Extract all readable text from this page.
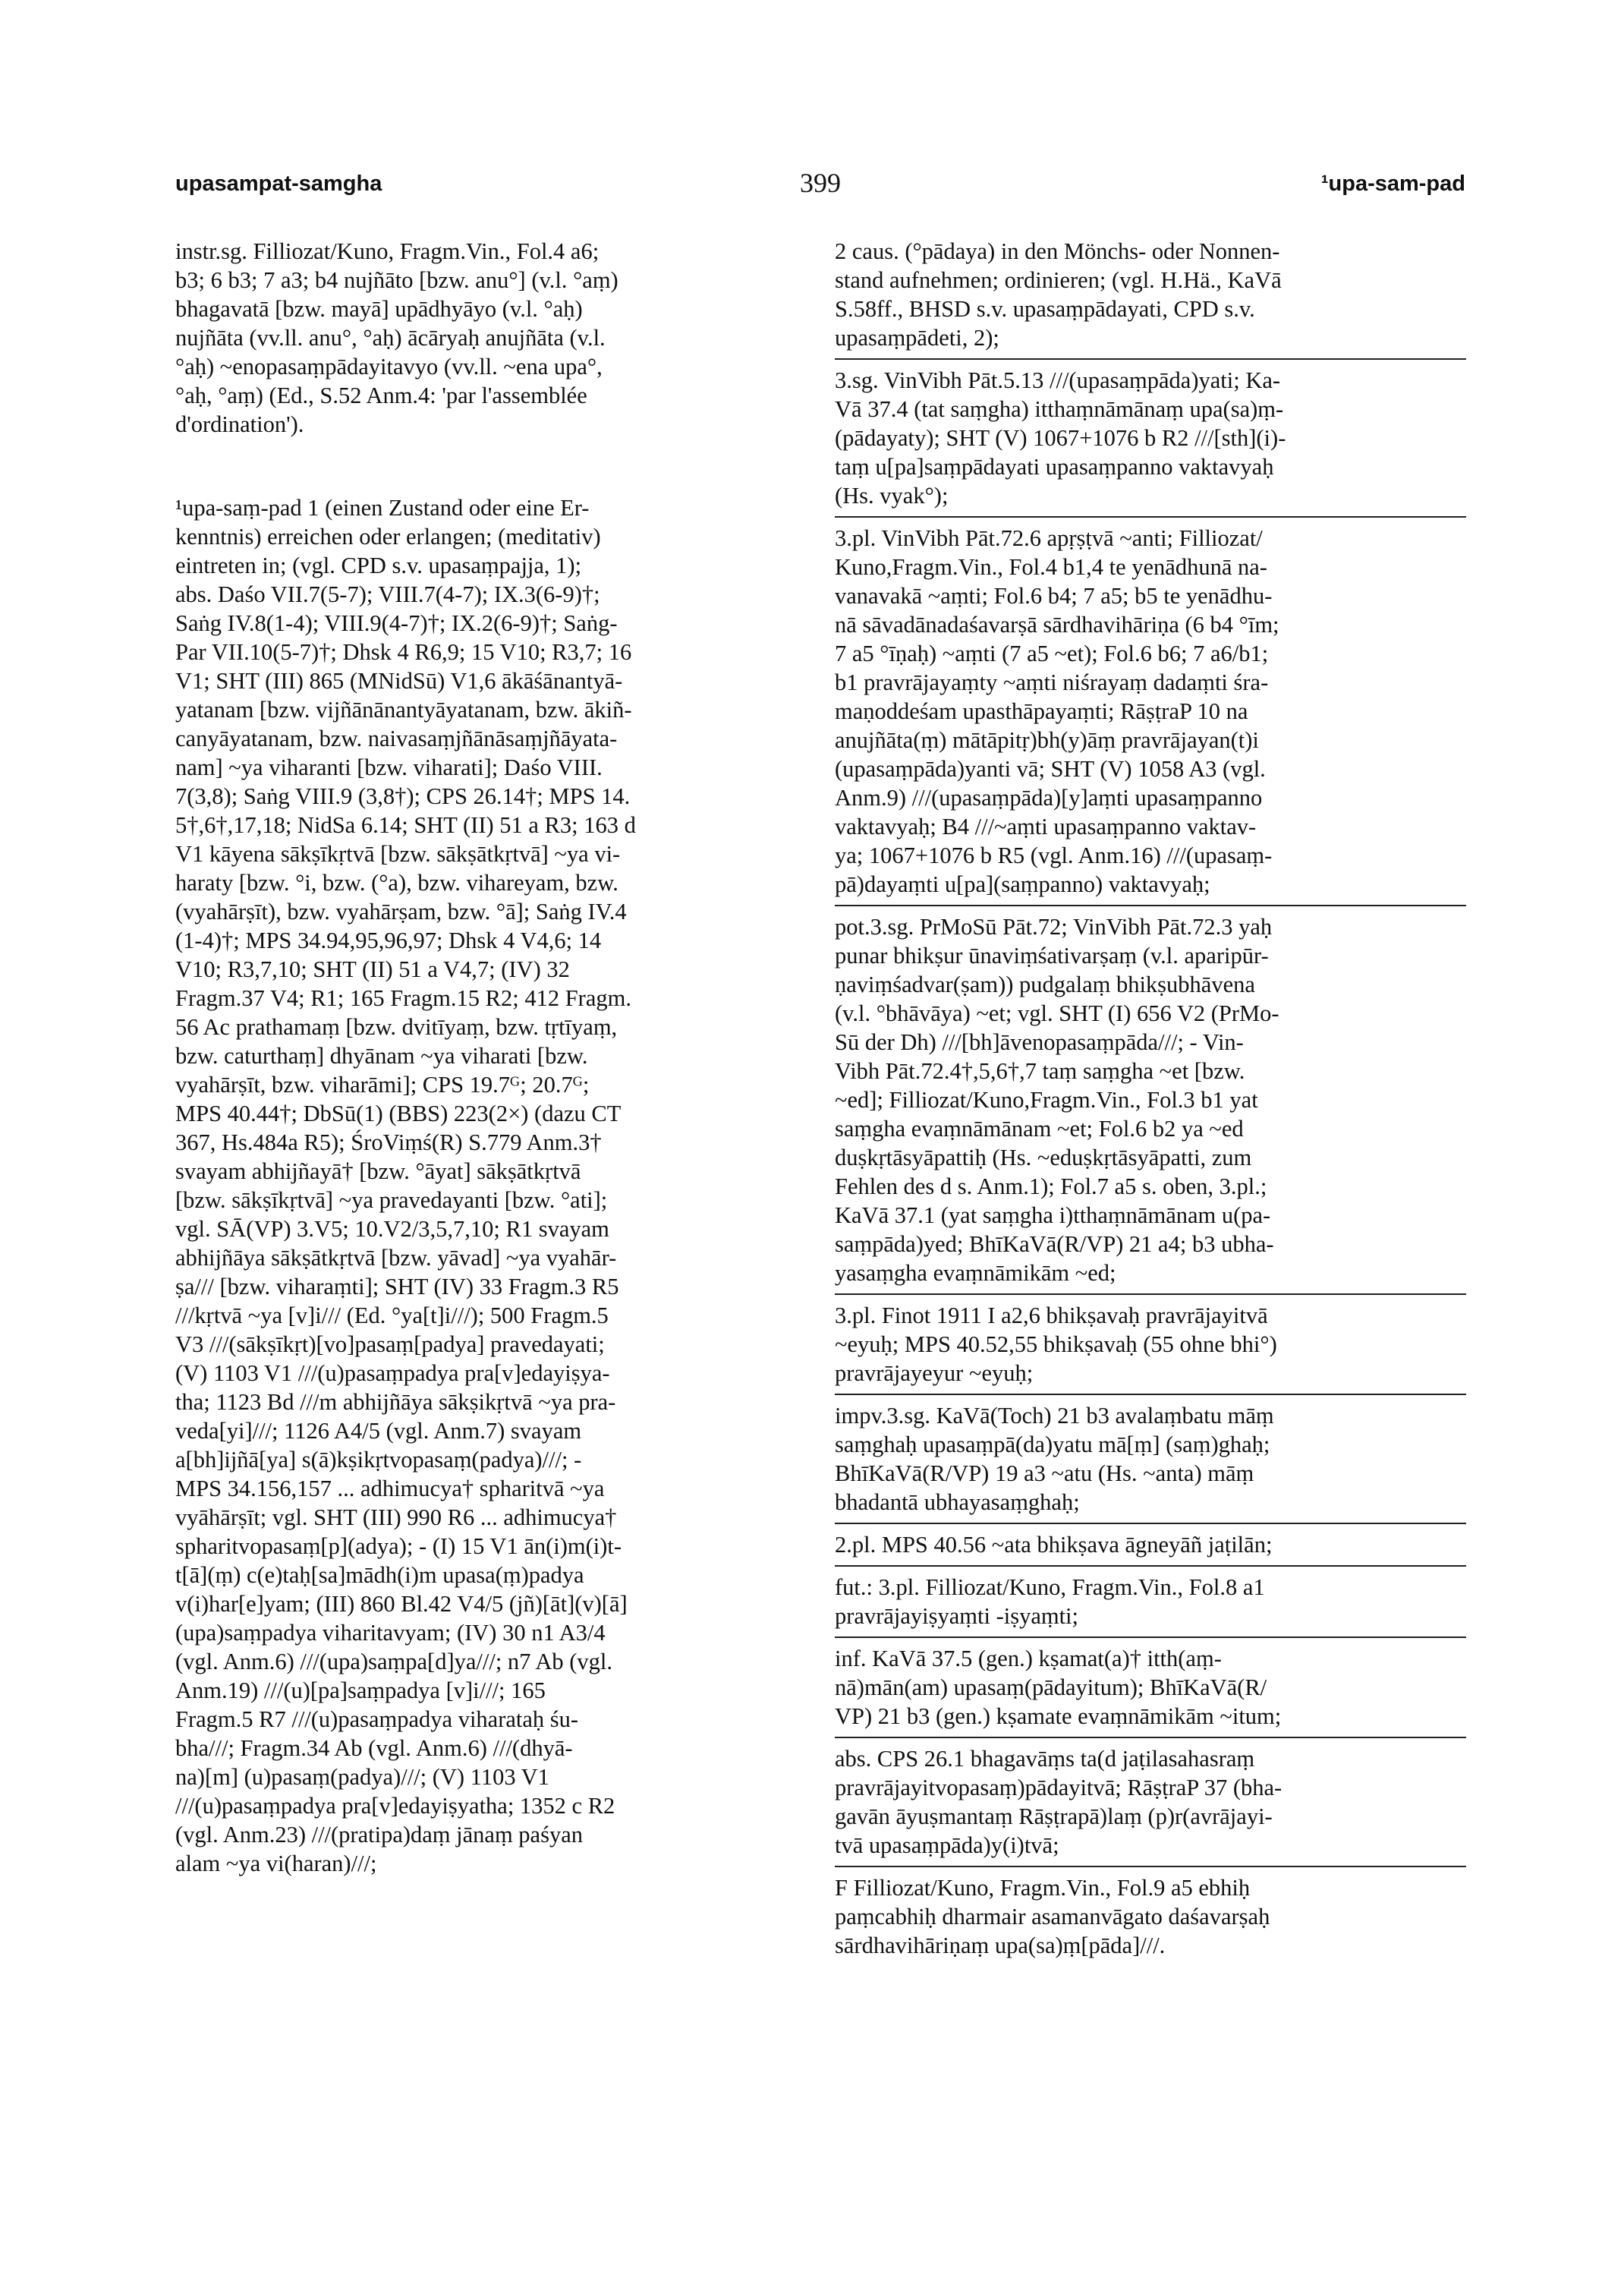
upasampat-samgha	399	¹upa-sam-pad
instr.sg. Filliozat/Kuno, Fragm.Vin., Fol.4 a6;
b3; 6 b3; 7 a3; b4 nujñāto [bzw. anu°] (v.l. °aṃ)
bhagavatā [bzw. mayā] upādhyāyo (v.l. °aḥ)
nujñāta (vv.ll. anu°, °aḥ) ācāryaḥ anujñāta (v.l.
°aḥ) ~enopasaṃpādayitavyo (vv.ll. ~ena upa°,
°aḥ, °aṃ) (Ed., S.52 Anm.4: 'par l'assemblée
d'ordination').
¹upa-saṃ-pad 1 (einen Zustand oder eine Er-
kenntnis) erreichen oder erlangen; (meditativ)
eintreten in; (vgl. CPD s.v. upasaṃpajja, 1);
abs. Daśo VII.7(5-7); VIII.7(4-7); IX.3(6-9)†;
Saṅg IV.8(1-4); VIII.9(4-7)†; IX.2(6-9)†; Saṅg-
Par VII.10(5-7)†; Dhsk 4 R6,9; 15 V10; R3,7; 16
V1; SHT (III) 865 (MNidSū) V1,6 ākāśānantyā-
yatanam [bzw. vijñānānantyāyatanam, bzw. ākiñ-
canyāyatanam, bzw. naivasaṃjñānāsaṃjñāyata-
nam] ~ya viharanti [bzw. viharati]; Daśo VIII.
7(3,8); Saṅg VIII.9 (3,8†); CPS 26.14†; MPS 14.
5†,6†,17,18; NidSa 6.14; SHT (II) 51 a R3; 163 d
V1 kāyena sākṣīkṛtvā [bzw. sākṣātkṛtvā] ~ya vi-
haraty [bzw. °i, bzw. (°a), bzw. vihareyam, bzw.
(vyahārṣīt), bzw. vyahārṣam, bzw. °ā]; Saṅg IV.4
(1-4)†; MPS 34.94,95,96,97; Dhsk 4 V4,6; 14
V10; R3,7,10; SHT (II) 51 a V4,7; (IV) 32
Fragm.37 V4; R1; 165 Fragm.15 R2; 412 Fragm.
56 Ac prathamaṃ [bzw. dvitīyaṃ, bzw. tṛtīyaṃ,
bzw. caturthaṃ] dhyānam ~ya viharati [bzw.
vyahārṣīt, bzw. viharāmi]; CPS 19.7ᴳ; 20.7ᴳ;
MPS 40.44†; DbSū(1) (BBS) 223(2×) (dazu CT
367, Hs.484a R5); ŚroViṃś(R) S.779 Anm.3†
svayam abhijñayā† [bzw. °āyat] sākṣātkṛtvā
[bzw. sākṣīkṛtvā] ~ya pravedayanti [bzw. °ati];
vgl. SĀ(VP) 3.V5; 10.V2/3,5,7,10; R1 svayam
abhijñāya sākṣātkṛtvā [bzw. yāvad] ~ya vyahār-
ṣa/// [bzw. viharaṃti]; SHT (IV) 33 Fragm.3 R5
///kṛtvā ~ya [v]i/// (Ed. °ya[t]i///); 500 Fragm.5
V3 ///(sākṣīkṛt)[vo]pasaṃ[padya] pravedayati;
(V) 1103 V1 ///(u)pasaṃpadya pra[v]edayiṣya-
tha; 1123 Bd ///m abhijñāya sākṣikṛtvā ~ya pra-
veda[yi]///; 1126 A4/5 (vgl. Anm.7) svayam
a[bh]ijñā[ya] s(ā)kṣikṛtvopasaṃ(padya)///; -
MPS 34.156,157 ... adhimucya† spharitvā ~ya
vyāhārṣīt; vgl. SHT (III) 990 R6 ... adhimucya†
spharitvopasaṃ[p](adya); - (I) 15 V1 ān(i)m(i)t-
t[ā](ṃ) c(e)taḥ[sa]mādh(i)m upasa(ṃ)padya
v(i)har[e]yam; (III) 860 Bl.42 V4/5 (jñ)[āt](v)[ā]
(upa)saṃpadya viharitavyam; (IV) 30 n1 A3/4
(vgl. Anm.6) ///(upa)saṃpa[d]ya///; n7 Ab (vgl.
Anm.19) ///(u)[pa]saṃpadya [v]i///; 165
Fragm.5 R7 ///(u)pasaṃpadya viharataḥ śu-
bha///; Fragm.34 Ab (vgl. Anm.6) ///(dhyā-
na)[m] (u)pasaṃ(padya)///; (V) 1103 V1
///(u)pasaṃpadya pra[v]edayiṣyatha; 1352 c R2
(vgl. Anm.23) ///(pratipa)daṃ jānaṃ paśyan
alam ~ya vi(haran)///;
2 caus. (°pādaya) in den Mönchs- oder Nonnen-
stand aufnehmen; ordinieren; (vgl. H.Hä., KaVā
S.58ff., BHSD s.v. upasaṃpādayati, CPD s.v.
upasaṃpādeti, 2);
3.sg. VinVibh Pāt.5.13 ///(upasaṃpāda)yati; Ka-
Vā 37.4 (tat saṃgha) itthaṃnāmānaṃ upa(sa)ṃ-
(pādayaty); SHT (V) 1067+1076 b R2 ///[sth](i)-
taṃ u[pa]saṃpādayati upasaṃpanno vaktavyaḥ
(Hs. vyak°);
3.pl. VinVibh Pāt.72.6 apṛṣṭvā ~anti; Filliozat/
Kuno,Fragm.Vin., Fol.4 b1,4 te yenādhunā na-
vanavakā ~aṃti; Fol.6 b4; 7 a5; b5 te yenādhu-
nā sāvadānadaśavarṣā sārdhavihāriṇa (6 b4 °īm;
7 a5 °īṇaḥ) ~aṃti (7 a5 ~et); Fol.6 b6; 7 a6/b1;
b1 pravrājayaṃty ~aṃti niśrayaṃ dadaṃti śra-
maṇoddeśam upasthāpayaṃti; RāṣṭraP 10 na
anujñāta(ṃ) mātāpitṛ)bh(y)āṃ pravrājayan(t)i
(upasaṃpāda)yanti vā; SHT (V) 1058 A3 (vgl.
Anm.9) ///(upasaṃpāda)[y]aṃti upasaṃpanno
vaktavyaḥ; B4 ///~aṃti upasaṃpanno vaktav-
ya; 1067+1076 b R5 (vgl. Anm.16) ///(upasaṃ-
pā)dayaṃti u[pa](saṃpanno) vaktavyaḥ;
pot.3.sg. PrMoSū Pāt.72; VinVibh Pāt.72.3 yaḥ
punar bhikṣur ūnaviṃśativarṣaṃ (v.l. aparipūr-
ṇaviṃśadvar(ṣam)) pudgalaṃ bhikṣubhāvena
(v.l. °bhāvāya) ~et; vgl. SHT (I) 656 V2 (PrMo-
Sū der Dh) ///[bh]āvenopasaṃpāda///; - Vin-
Vibh Pāt.72.4†,5,6†,7 taṃ saṃgha ~et [bzw.
~ed]; Filliozat/Kuno,Fragm.Vin., Fol.3 b1 yat
saṃgha evaṃnāmānam ~et; Fol.6 b2 ya ~ed
duṣkṛtāsyāpattiḥ (Hs. ~eduṣkṛtāsyāpatti, zum
Fehlen des d s. Anm.1); Fol.7 a5 s. oben, 3.pl.;
KaVā 37.1 (yat saṃgha i)tthaṃnāmānam u(pa-
saṃpāda)yed; BhīKaVā(R/VP) 21 a4; b3 ubha-
yasaṃgha evaṃnāmikām ~ed;
3.pl. Finot 1911 I a2,6 bhikṣavaḥ pravrājayitvā
~eyuḥ; MPS 40.52,55 bhikṣavaḥ (55 ohne bhi°)
pravrājayeyur ~eyuḥ;
impv.3.sg. KaVā(Toch) 21 b3 avalaṃbatu māṃ
saṃghaḥ upasaṃpā(da)yatu mā[ṃ] (saṃ)ghaḥ;
BhīKaVā(R/VP) 19 a3 ~atu (Hs. ~anta) māṃ
bhadantā ubhayasaṃghaḥ;
2.pl. MPS 40.56 ~ata bhikṣava āgneyāñ jaṭilān;
fut.: 3.pl. Filliozat/Kuno, Fragm.Vin., Fol.8 a1
pravrājayiṣyaṃti -iṣyaṃti;
inf. KaVā 37.5 (gen.) kṣamat(a)† itth(aṃ-
nā)mān(am) upasaṃ(pādayitum); BhīKaVā(R/
VP) 21 b3 (gen.) kṣamate evaṃnāmikām ~itum;
abs. CPS 26.1 bhagavāṃs ta(d jaṭilasahasraṃ
pravrājayitvopasaṃ)pādayitvā; RāṣṭraP 37 (bha-
gavān āyuṣmantaṃ Rāṣṭrapā)laṃ (p)r(avrājayi-
tvā upasaṃpāda)y(i)tvā;
F Filliozat/Kuno, Fragm.Vin., Fol.9 a5 ebhiḥ
paṃcabhiḥ dharmair asamanvāgato daśavarṣaḥ
sārdhavihāriṇaṃ upa(sa)ṃ[pāda]///.
